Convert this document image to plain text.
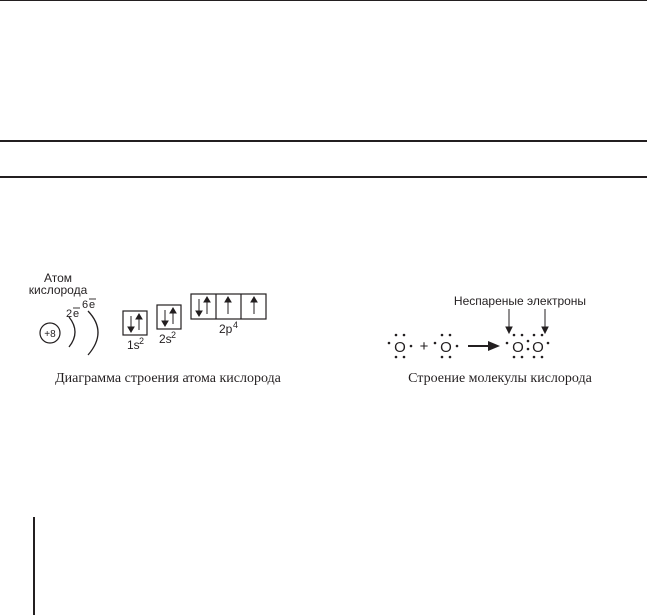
Атом
кислорода
+8
2 e
6 e
1s 2 2s 2	2p 4
Диаграмма строения атома кислорода
Неспареные электроны
O + O	O O
Строение молекулы кислорода
